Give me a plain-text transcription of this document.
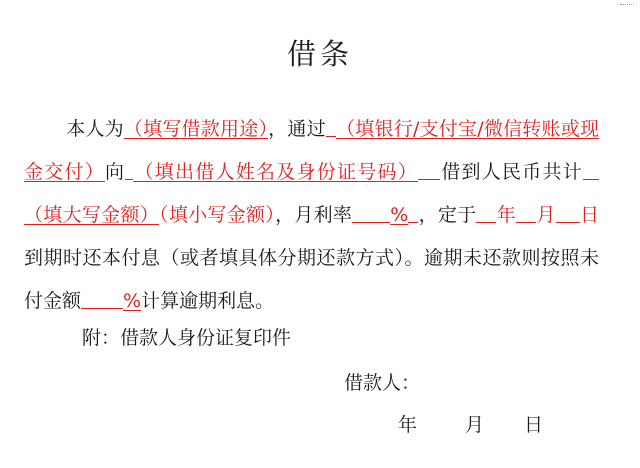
借条
本人为（填写借款用途），通过 （填银行/支付宝/微信转账或现金交付）向 （填出借人姓名及身份证号码） 借到人民币共计（填大写金额）（填小写金额），月利率 % ，定于 年 月 日到期时还本付息（或者填具体分期还款方式）。逾期未还款则按照未付金额 %计算逾期利息。
附：借款人身份证复印件
借款人：
年	月 日
